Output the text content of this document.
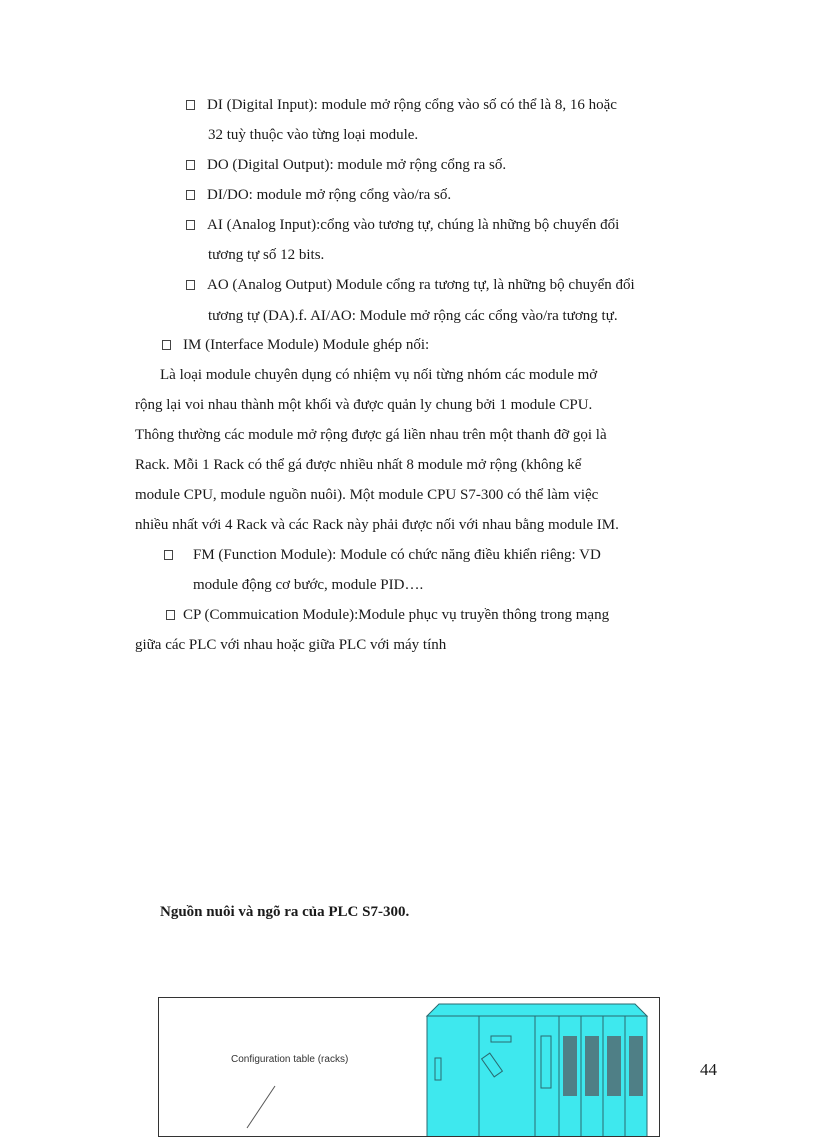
DI (Digital Input): module mở rộng cổng vào số có thể là 8, 16 hoặc
32 tuỳ thuộc vào từng loại module.
DO (Digital Output): module mở rộng cổng ra số.
DI/DO: module mở rộng cổng vào/ra số.
AI (Analog Input):cổng vào tương tự, chúng là những bộ chuyển đổi
tương tự số 12 bits.
AO (Analog Output) Module cổng ra tương tự, là những bộ chuyển đổi
tương tự (DA).f. AI/AO: Module mở rộng các cổng vào/ra tương tự.
IM (Interface Module) Module ghép nối:
Là loại module chuyên dụng có nhiệm vụ nối từng nhóm các module mở
rộng lại voi nhau thành một khối và được quản ly chung bởi 1 module CPU.
Thông thường các module mở rộng được gá liền nhau trên một thanh đỡ gọi là
Rack. Mỗi 1 Rack có thể gá được nhiều nhất 8 module mở rộng (không kể
module CPU, module nguồn nuôi). Một module CPU S7-300 có thể làm việc
nhiều nhất với 4 Rack và các Rack này phải được nối với nhau bằng module IM.
FM (Function Module): Module có chức năng điều khiển riêng: VD
module động cơ bước, module PID….
CP (Commuication Module):Module phục vụ truyền thông trong mạng
giữa các PLC với nhau hoặc giữa PLC với máy tính
Nguồn nuôi và ngõ ra của PLC S7-300.
Configuration table (racks)
44
